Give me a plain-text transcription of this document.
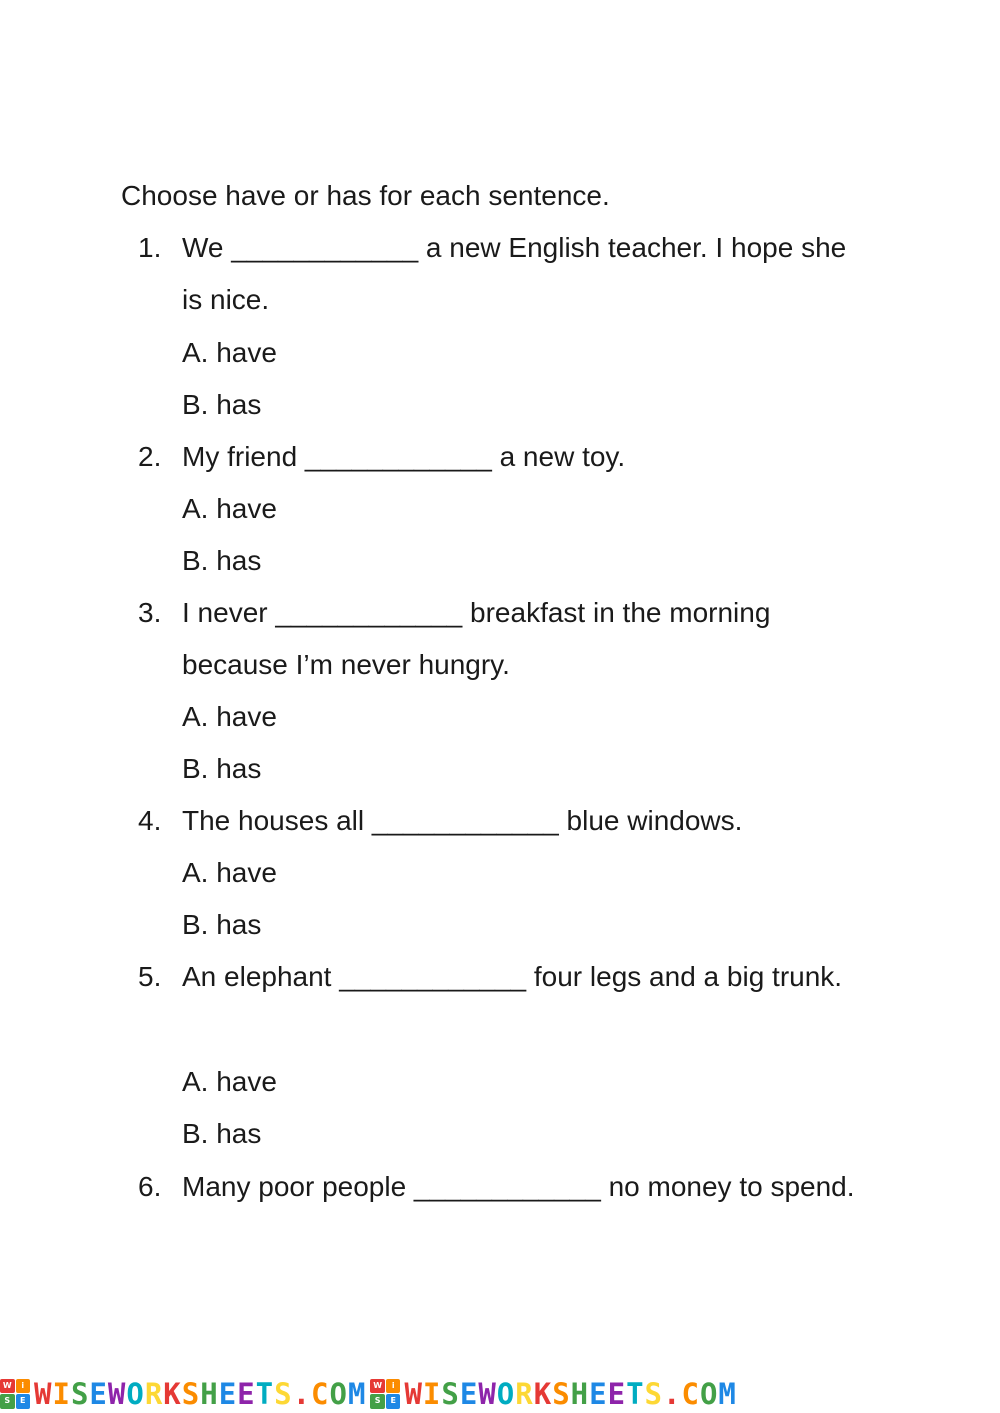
Choose have or has for each sentence.
1. We ____________ a new English teacher. I hope she is nice.
A. have
B. has
2. My friend ____________ a new toy.
A. have
B. has
3. I never ____________ breakfast in the morning because I’m never hungry.
A. have
B. has
4. The houses all ____________ blue windows.
A. have
B. has
5. An elephant ____________ four legs and a big trunk.
A. have
B. has
6. Many poor people ____________ no money to spend.
W	i
S	E WISEWORKSHEETS.COM W	i
S	E WISEWORKSHEETS.COM
